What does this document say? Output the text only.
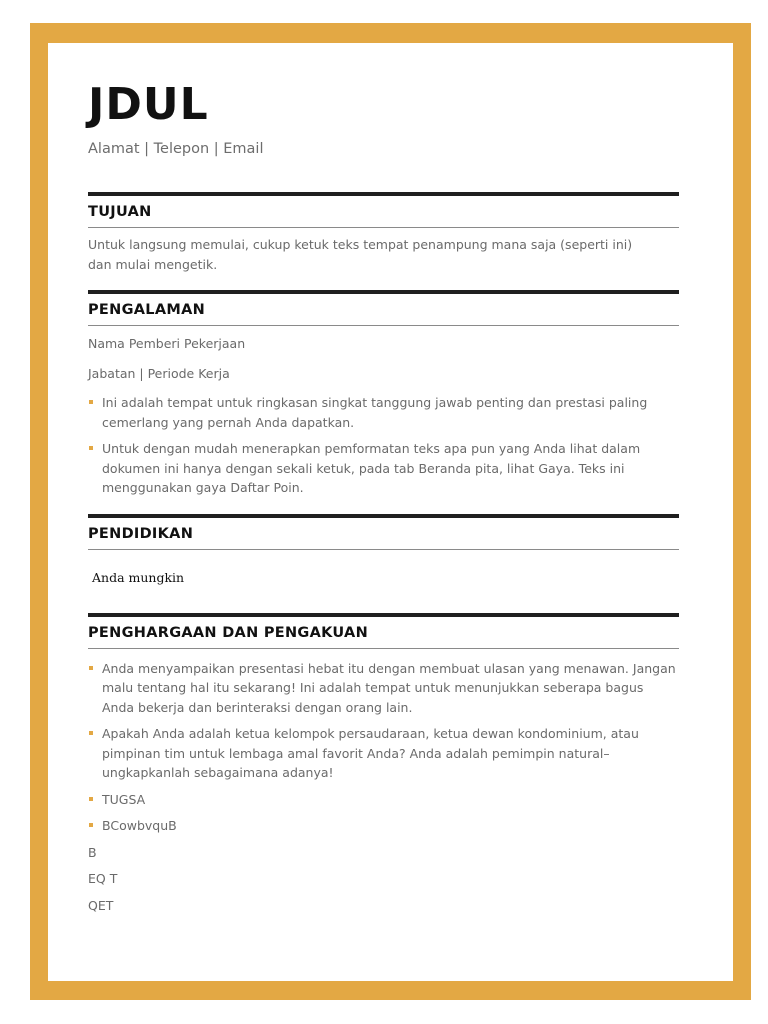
JDUL
Alamat | Telepon | Email
TUJUAN
Untuk langsung memulai, cukup ketuk teks tempat penampung mana saja (seperti ini) dan mulai mengetik.
PENGALAMAN
Nama Pemberi Pekerjaan
Jabatan | Periode Kerja
Ini adalah tempat untuk ringkasan singkat tanggung jawab penting dan prestasi paling cemerlang yang pernah Anda dapatkan.
Untuk dengan mudah menerapkan pemformatan teks apa pun yang Anda lihat dalam dokumen ini hanya dengan sekali ketuk, pada tab Beranda pita, lihat Gaya. Teks ini menggunakan gaya Daftar Poin.
PENDIDIKAN
Anda mungkin
PENGHARGAAN DAN PENGAKUAN
Anda menyampaikan presentasi hebat itu dengan membuat ulasan yang menawan. Jangan malu tentang hal itu sekarang! Ini adalah tempat untuk menunjukkan seberapa bagus Anda bekerja dan berinteraksi dengan orang lain.
Apakah Anda adalah ketua kelompok persaudaraan, ketua dewan kondominium, atau pimpinan tim untuk lembaga amal favorit Anda? Anda adalah pemimpin natural–ungkapkanlah sebagaimana adanya!
TUGSA
BCowbvquB
B
EQ T
QET
